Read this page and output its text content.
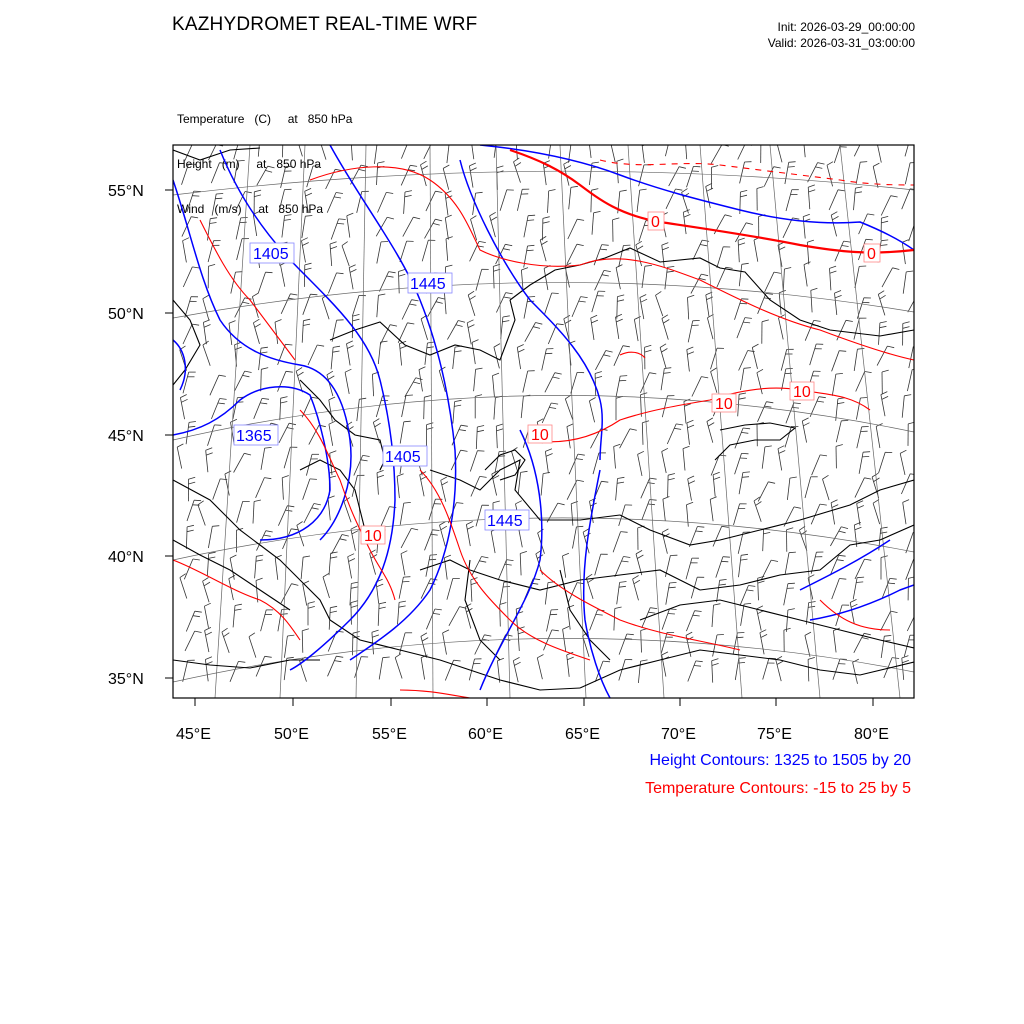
KAZHYDROMET REAL-TIME WRF	Init: 2026-03-29_00:00:00
Valid: 2026-03-31_03:00:00

Temperature   (C)     at   850 hPa

Height   (m)     at   850 hPa

Wind   (m/s)     at   850 hPa

1405
1445
1365
1405
1445
0
0
10
10
10
10
55°N
50°N
45°N
40°N
35°N
45°E	50°E	55°E	60°E	65°E	70°E	75°E	80°E
Height Contours: 1325 to 1505 by 20
Temperature Contours: -15 to 25 by 5
